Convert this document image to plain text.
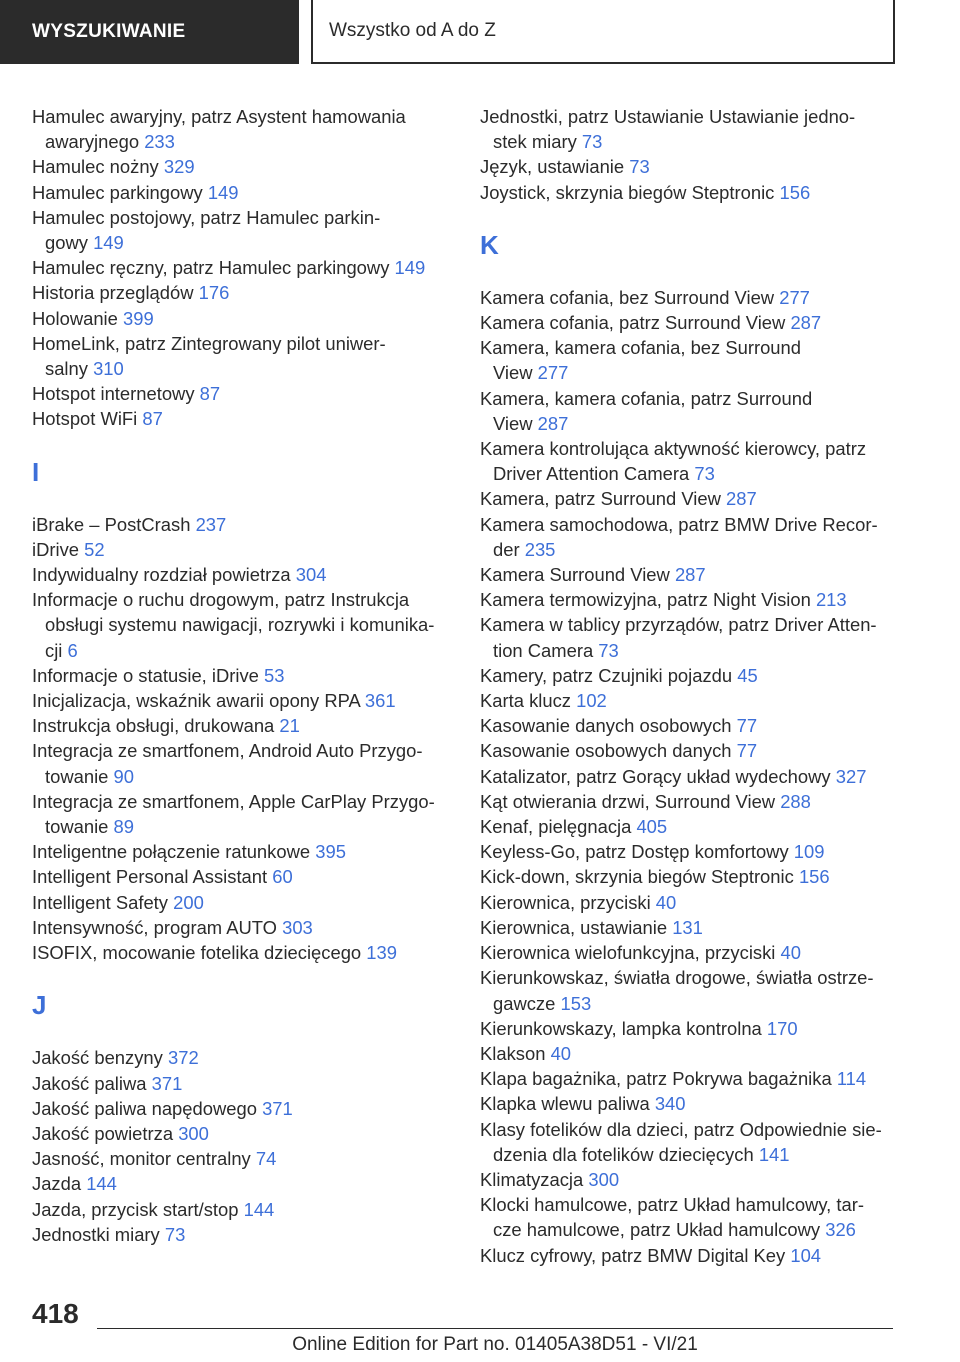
WYSZUKIWANIE	Wszystko od A do Z
Hamulec awaryjny, patrz Asystent hamowania
awaryjnego 233
Hamulec nożny 329
Hamulec parkingowy 149
Hamulec postojowy, patrz Hamulec parkin-
gowy 149
Hamulec ręczny, patrz Hamulec parkingowy 149
Historia przeglądów 176
Holowanie 399
HomeLink, patrz Zintegrowany pilot uniwer-
salny 310
Hotspot internetowy 87
Hotspot WiFi 87
I
iBrake – PostCrash 237
iDrive 52
Indywidualny rozdział powietrza 304
Informacje o ruchu drogowym, patrz Instrukcja
obsługi systemu nawigacji, rozrywki i komunika-
cji 6
Informacje o statusie, iDrive 53
Inicjalizacja, wskaźnik awarii opony RPA 361
Instrukcja obsługi, drukowana 21
Integracja ze smartfonem, Android Auto Przygo-
towanie 90
Integracja ze smartfonem, Apple CarPlay Przygo-
towanie 89
Inteligentne połączenie ratunkowe 395
Intelligent Personal Assistant 60
Intelligent Safety 200
Intensywność, program AUTO 303
ISOFIX, mocowanie fotelika dziecięcego 139
J
Jakość benzyny 372
Jakość paliwa 371
Jakość paliwa napędowego 371
Jakość powietrza 300
Jasność, monitor centralny 74
Jazda 144
Jazda, przycisk start/stop 144
Jednostki miary 73
Jednostki, patrz Ustawianie Ustawianie jedno-
stek miary 73
Język, ustawianie 73
Joystick, skrzynia biegów Steptronic 156
K
Kamera cofania, bez Surround View 277
Kamera cofania, patrz Surround View 287
Kamera, kamera cofania, bez Surround
View 277
Kamera, kamera cofania, patrz Surround
View 287
Kamera kontrolująca aktywność kierowcy, patrz
Driver Attention Camera 73
Kamera, patrz Surround View 287
Kamera samochodowa, patrz BMW Drive Recor-
der 235
Kamera Surround View 287
Kamera termowizyjna, patrz Night Vision 213
Kamera w tablicy przyrządów, patrz Driver Atten-
tion Camera 73
Kamery, patrz Czujniki pojazdu 45
Karta klucz 102
Kasowanie danych osobowych 77
Kasowanie osobowych danych 77
Katalizator, patrz Gorący układ wydechowy 327
Kąt otwierania drzwi, Surround View 288
Kenaf, pielęgnacja 405
Keyless-Go, patrz Dostęp komfortowy 109
Kick-down, skrzynia biegów Steptronic 156
Kierownica, przyciski 40
Kierownica, ustawianie 131
Kierownica wielofunkcyjna, przyciski 40
Kierunkowskaz, światła drogowe, światła ostrze-
gawcze 153
Kierunkowskazy, lampka kontrolna 170
Klakson 40
Klapa bagażnika, patrz Pokrywa bagażnika 114
Klapka wlewu paliwa 340
Klasy fotelików dla dzieci, patrz Odpowiednie sie-
dzenia dla fotelików dziecięcych 141
Klimatyzacja 300
Klocki hamulcowe, patrz Układ hamulcowy, tar-
cze hamulcowe, patrz Układ hamulcowy 326
Klucz cyfrowy, patrz BMW Digital Key 104
418
Online Edition for Part no. 01405A38D51 - VI/21
